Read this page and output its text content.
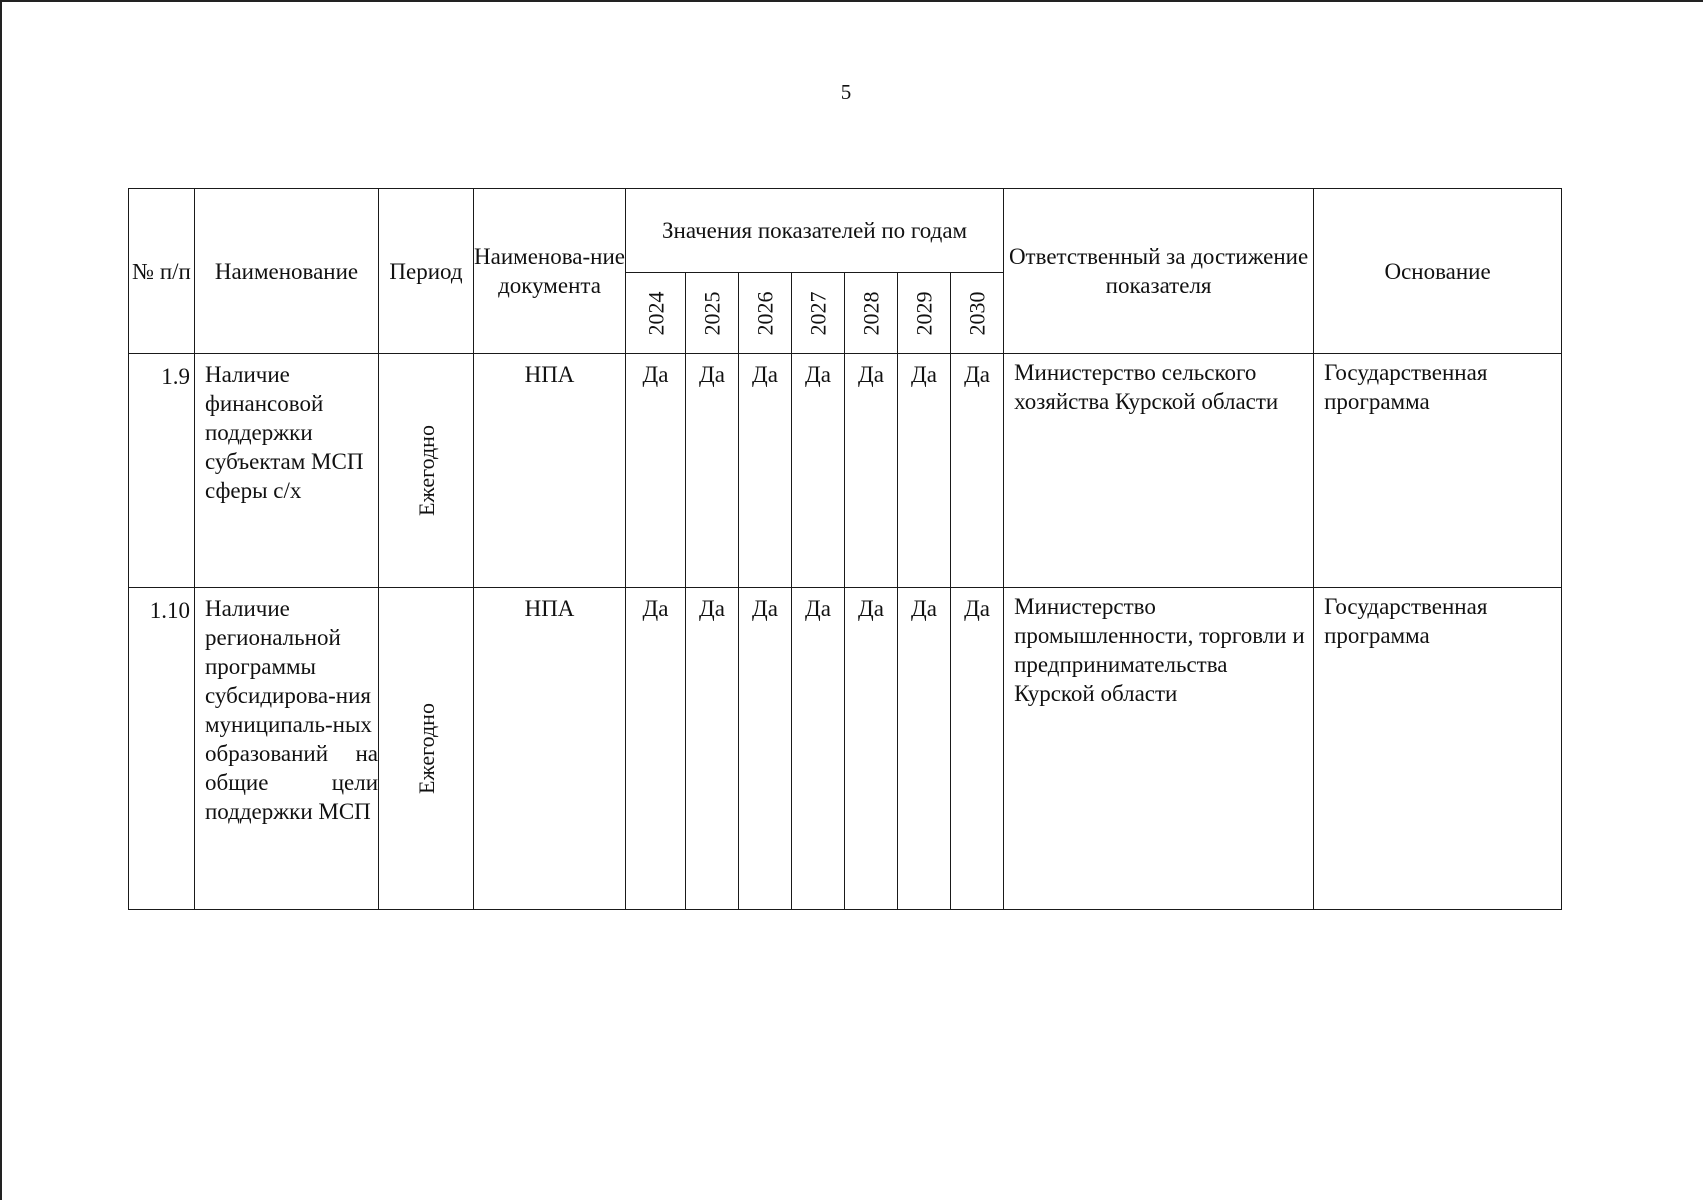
5
№ п/п	Наименование	Период	Наименова-ние документа	Значения показателей по годам							Ответственный за достижение показателя	Основание
				2024	2025	2026	2027	2028	2029	2030		
1.9	Наличие финансовой поддержки субъектам МСП сферы с/х	Ежегодно	НПА	Да	Да	Да	Да	Да	Да	Да	Министерство сельского хозяйства Курской области	Государственная программа
1.10	Наличие региональной программы субсидирова-ния муниципаль-ных образований на общие цели поддержки МСП	Ежегодно	НПА	Да	Да	Да	Да	Да	Да	Да	Министерство промышленности, торговли и предпринимательства Курской области	Государственная программа
